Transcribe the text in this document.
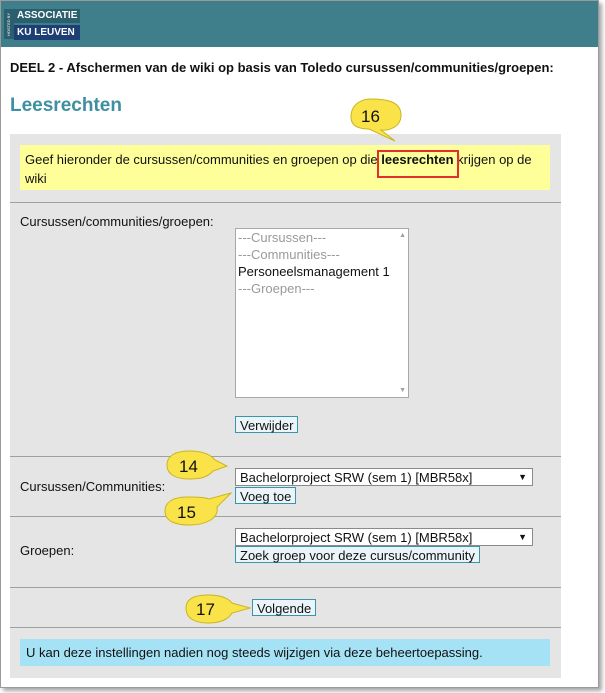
HOSTED BY ASSOCIATIE
KU LEUVEN
DEEL 2 - Afschermen van de wiki op basis van Toledo cursussen/communities/groepen:
Leesrechten
Geef hieronder de cursussen/communities en groepen op die leesrechten krijgen op de wiki
Cursussen/communities/groepen:
---Cursussen---
---Communities---
Personeelsmanagement 1
---Groepen---
▲
▼
Verwijder
Cursussen/Communities:
Bachelorproject SRW (sem 1) [MBR58x]	▼
Voeg toe
Groepen:
Bachelorproject SRW (sem 1) [MBR58x]	▼
Zoek groep voor deze cursus/community
Volgende
U kan deze instellingen nadien nog steeds wijzigen via deze beheertoepassing.
16
14
15
17
